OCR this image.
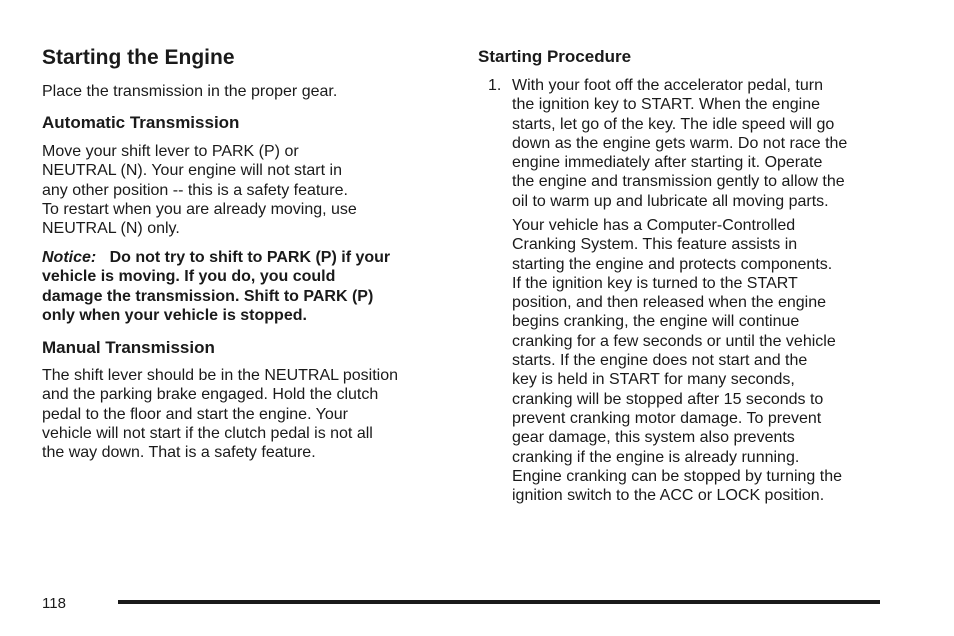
Starting the Engine

Place the transmission in the proper gear.

Automatic Transmission

Move your shift lever to PARK (P) or
NEUTRAL (N). Your engine will not start in
any other position -- this is a safety feature.
To restart when you are already moving, use
NEUTRAL (N) only.

Notice: Do not try to shift to PARK (P) if your
vehicle is moving. If you do, you could
damage the transmission. Shift to PARK (P)
only when your vehicle is stopped.

Manual Transmission

The shift lever should be in the NEUTRAL position
and the parking brake engaged. Hold the clutch
pedal to the floor and start the engine. Your
vehicle will not start if the clutch pedal is not all
the way down. That is a safety feature.

Starting Procedure
1. With your foot off the accelerator pedal, turn
the ignition key to START. When the engine
starts, let go of the key. The idle speed will go
down as the engine gets warm. Do not race the
engine immediately after starting it. Operate
the engine and transmission gently to allow the
oil to warm up and lubricate all moving parts.

Your vehicle has a Computer-Controlled
Cranking System. This feature assists in
starting the engine and protects components.
If the ignition key is turned to the START
position, and then released when the engine
begins cranking, the engine will continue
cranking for a few seconds or until the vehicle
starts. If the engine does not start and the
key is held in START for many seconds,
cranking will be stopped after 15 seconds to
prevent cranking motor damage. To prevent
gear damage, this system also prevents
cranking if the engine is already running.
Engine cranking can be stopped by turning the
ignition switch to the ACC or LOCK position.

118
